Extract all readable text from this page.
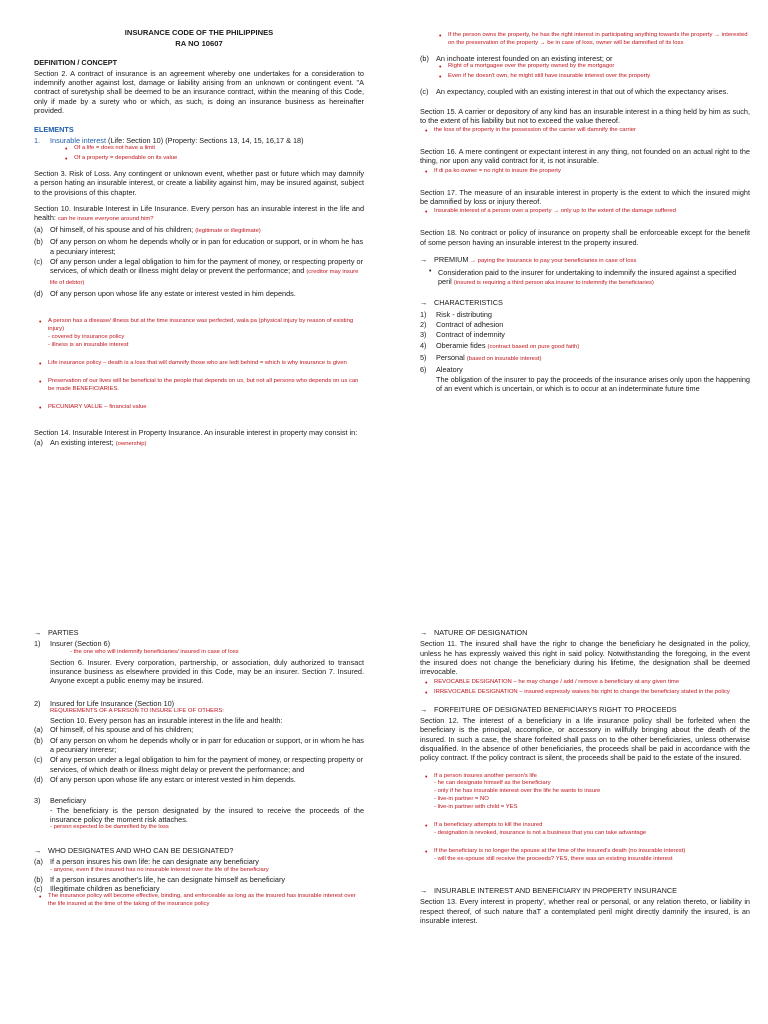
INSURANCE CODE OF THE PHILIPPINES
RA NO 10607
DEFINITION / CONCEPT

Section 2. A contract of insurance is an agreement whereby one undertakes for a consideration to indemnify another against lost, damage or liability arising from an unknown or contingent event. "A contract of suretyship shall be deemed to be an insurance contract, within the meaning of this Code, only if made by a surety who or which, as such, is doing an insurance business as hereinafter provided.

ELEMENTS
1. Insurable interest (Life: Section 10) (Property: Sections 13, 14, 15, 16,17 & 18)
• Of a life = does not have a limit
• Of a property = dependable on its value

Section 3. Risk of Loss. Any contingent or unknown event, whether past or future which may damnify a person hating an insurable interest, or create a liability against him, may be insured against, subject to the provisions of this chapter.

Section 10. Insurable Interest in Life Insurance. Every person has an insurable interest in the life and health: can he insure everyone around him?

(a) Of himself, of his spouse and of his children; (legitimate or illegitimate)
(b) Of any person on whom he depends wholly or in pan for education or support, or in whom he has a pecuniary interest;
(c) Of any person under a legal obligation to him for the payment of money, or respecting property or services, of which death or illness might delay or prevent the performance; and (creditor may insure life of debtor)
(d) Of any person upon whose life any estate or interest vested in him depends.

• A person has a disease/ illness but at the time insurance was perfected, wala pa (physical injury by reason of existing injury)
- covered by insurance policy
- illness is an insurable interest

• Life insurance policy – death is a loss that will damnify those who are ledt behind = which is why insurance is given

• Preservation of our lives will be beneficial to the people that depends on us, but not all persons who depends on us can be made BENEFICIARIES.

• PECUNIARY VALUE – financial value

Section 14. Insurable Interest in Property Insurance. An insurable interest in property may consist in:

(a) An existing interest; (ownership)
• If the person owns the property, he has the right interest in participating anything towards the property → interested on the preservation of the property → be in case of loss, owner will be damnified of its loss
(b) An inchoate interest founded on an existing interest; or
• Right of a mortgagee over the property owned by the mortgagor
• Even if he doesn't own, he might still have insurable interest over the property
(c) An expectancy, coupled with an existing interest in that out of which the expectancy arises.

Section 15. A carrier or depository of any kind has an insurable interest in a thing held by him as such, to the extent of his liability but not to exceed the value thereof.

• the loss of the property in the possession of the carrier will damnify the carrier

Section 16. A mere contingent or expectant interest in any thing, not founded on an actual right to the thing, nor upon any valid contract for it, is not insurable.

• If di pa ko owner = no right to insure the property

Section 17. The measure of an insurable interest in property is the extent to which the insured might be damnified by loss or injury thereof.

• Insurable interest of a person over a property → only up to the extent of the damage suffered

Section 18. No contract or policy of insurance on property shall be enforceable except for the benefit of some person having an insurable interest tn the property insured.

→ PREMIUM → paying the insurance to pay your beneficiaries in case of loss
• Consideration paid to the insurer for undertaking to indemnify the insured against a specified peril (insured is requiring a third person aka insurer to indemnify the beneficiaries)
→ CHARACTERISTICS
1) Risk - distributing
2) Contract of adhesion
3) Contract of indemnity
4) Oberamie fides (contract based on pure good faith)
5) Personal (based on insurable interest)
6) Aleatory

The obligation of the insurer to pay the proceeds of the insurance arises only upon the happening of an event which is uncertain, or which is to occur at an indeterminate future time

→ PARTIES
1) Insurer (Section 6)
- the one who will indemnify beneficiaries/ insured in case of loss

Section 6. Insurer. Every corporation, partnership, or association, duly authorized to transact insurance business as elsewhere provided in this Code, may be an insurer. Section 7. Insured. Anyone except a public enemy may be insured.

2) Insured for Life Insurance (Section 10)
REQUIREMENTS OF A PERSON TO INSURE LIFE OF OTHERS:
Section 10. Every person has an insurable interest in the life and health:
(a) Of himself, of his spouse and of his children;
(b) Of any person on whom he depends wholly or in parr for education or support, or in whom he has a pecuniary inreresr;
(c) Of any person under a legal obligation to him for the payment of money, or respecting property or services, of which death or illness might delay or prevent the performance; and
(d) Of any person upon whose life any estarc or interest vested in him depends.
3) Beneficiary

- The beneficiary is the person designated by the insured to receive the proceeds of the insurance policy the moment risk attaches.

- person expected to be damnified by the loss
→ WHO DESIGNATES AND WHO CAN BE DESIGNATED?
(a) If a person insures his own life: he can designate any beneficiary
- anyone, even if the insured has no insurable interest over the life of the beneficiary
(b) If a person insures another's life, he can designate himself as beneficiary
(c) Illegitimate children as beneficiary
• The insurance policy will become effective, binding, and enforceable as long as the insured has insurable interest over the life insured at the time of the taking of the insurance policy
→ NATURE OF DESIGNATION

Section 11. The insured shall have the righr to change the beneficiary he designated in the policy, unless he has expressly waived this right in said policy. Notwithstanding the foregoing, in the event the insured does not change the beneficiary during his lifetime, the designation shall be deemed irrevocable.

• REVOCABLE DESIGNATION – he may change / add / remove a beneficiary at any given time
• IRREVOCABLE DESIGNATION – insured expressly waives his right to change the beneficiary stated in the policy
→ FORFEITURE OF DESIGNATED BENEFICIARYS RIGHT TO PROCEEDS

Section 12. The interest of a beneficiary in a life insurance policy shall be forfeited when the beneficiary is the principal, accomplice, or accessory in willfully bringing about the death of the insured. In such a case, the share forfeited shall pass on to the other beneficiaries, unless otherwise disqualified. In the absence of other beneficiaries, the proceeds shall be paid in accordance with the policy contract. If the policy contract is silent, the proceeds shall be paid to the estate of the insured.

• If a person insures another person's life
- he can designate himself as the beneficiary
- only if he has insurable interest over the life he wants to insure
- live-in partner = NO
- live-in partner with child = YES

• If a beneficiary attempts to kill the insured
- designation is revoked, insurance is not a business that you can take advantage

• If the beneficiary is no longer the spouse at the time of the insured's death (no insurable interest)
- will the ex-spouse still receive the proceeds? YES, there was an existing insurable interest

→ INSURABLE INTEREST AND BENEFICIARY IN PROPERTY INSURANCE

Section 13. Every interest in property', whether real or personal, or any relation thereto, or liability in respect thereof, of such nature thaT a contemplated peril might directly damnify the insured, is an insurable interest.
